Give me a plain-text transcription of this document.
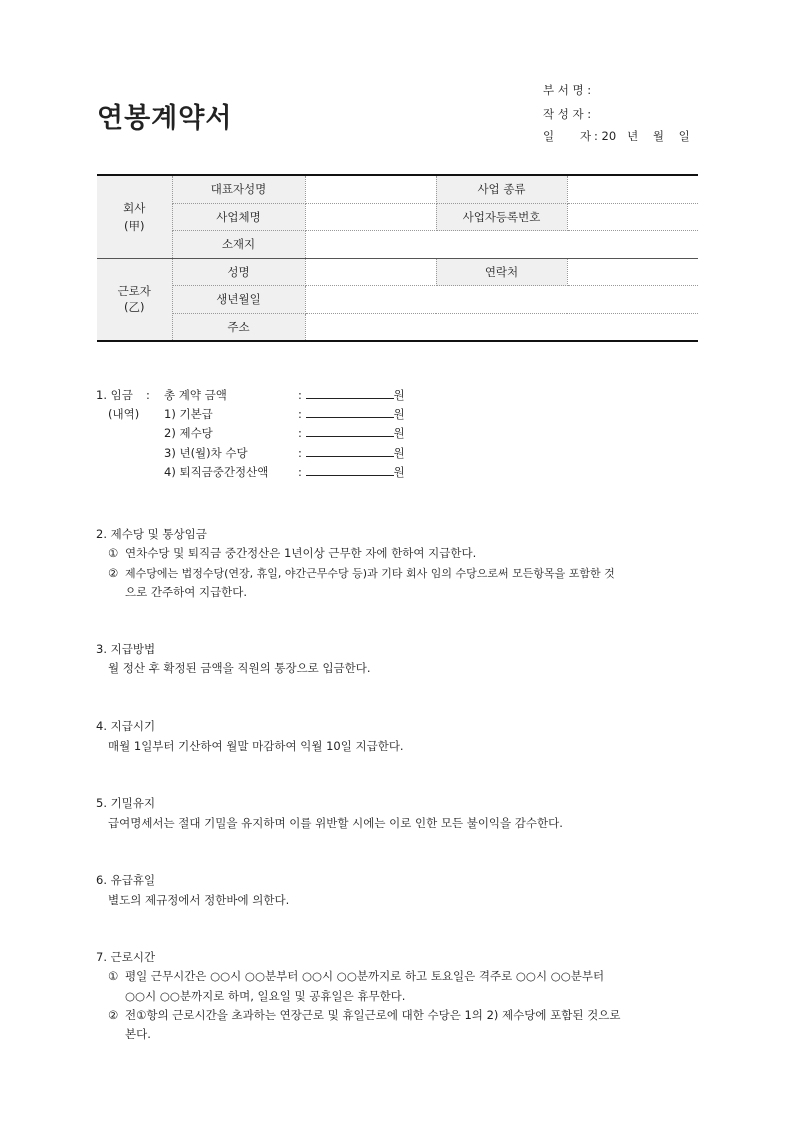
연봉계약서
부 서 명 :
작 성 자 :
일 자 : 20   년    월    일
회사
(甲)	대표자성명		사업 종류	
	사업체명		사업자등록번호	
	소재지			

근로자
(乙)	성명		연락처	
	생년월일			
	주소			
1. 임금 :
(내역)
총 계약 금액	:	원
1) 기본급	:	원
2) 제수당	:	원
3) 년(월)차 수당	:	원
4) 퇴직금중간정산액	:	원
2. 제수당 및 통상임금
① 연차수당 및 퇴직금 중간정산은 1년이상 근무한 자에 한하여 지급한다.
② 제수당에는 법정수당(연장, 휴일, 야간근무수당 등)과 기타 회사 임의 수당으로써 모든항목을 포함한 것
으로 간주하여 지급한다.
3. 지급방법
월 정산 후 확정된 금액을 직원의 통장으로 입금한다.
4. 지급시기
매월 1일부터 기산하여 월말 마감하여 익월 10일 지급한다.
5. 기밀유지
급여명세서는 절대 기밀을 유지하며 이를 위반할 시에는 이로 인한 모든 불이익을 감수한다.
6. 유급휴일
별도의 제규정에서 정한바에 의한다.
7. 근로시간
① 평일 근무시간은 ○○시 ○○분부터 ○○시 ○○분까지로 하고 토요일은 격주로 ○○시 ○○분부터
○○시 ○○분까지로 하며, 일요일 및 공휴일은 휴무한다.
② 전①항의 근로시간을 초과하는 연장근로 및 휴일근로에 대한 수당은 1의 2) 제수당에 포함된 것으로
본다.
